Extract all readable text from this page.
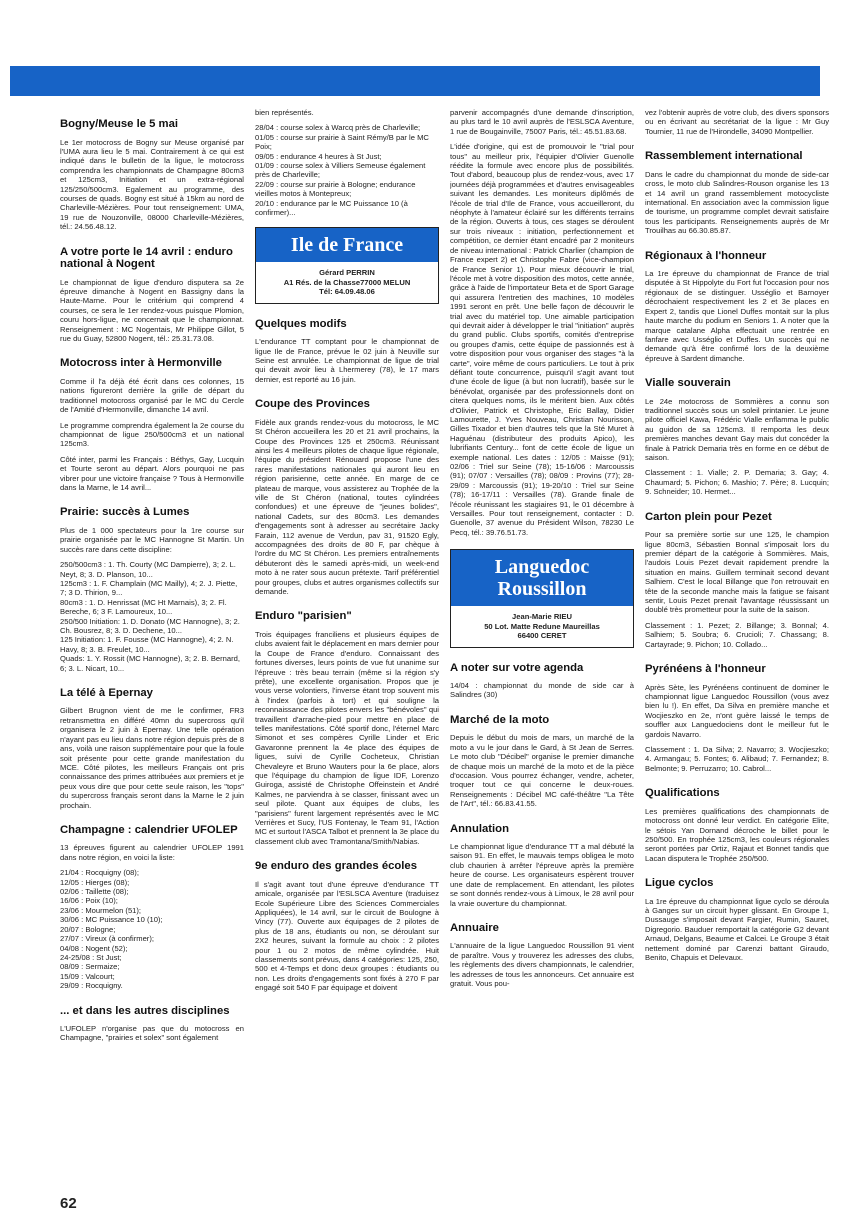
Bogny/Meuse le 5 mai

Le 1er motocross de Bogny sur Meuse organisé par l'UMA aura lieu le 5 mai. Contrairement à ce qui est indiqué dans le bulletin de la ligue, le motocross comprendra les championnats de Champagne 80cm3 et 125cm3, Initiation et un extra-régional 125/250/500cm3. Egalement au programme, des courses de quads. Bogny est situé à 15km au nord de Charleville-Mézières. Pour tout renseignement: UMA, 19 rue de Nouzonville, 08000 Charleville-Mézières, tél.: 24.56.48.12.

A votre porte le 14 avril : enduro national à Nogent

Le championnat de ligue d'enduro disputera sa 2e épreuve dimanche à Nogent en Bassigny dans la Haute-Marne. Pour le critérium qui comprend 4 courses, ce sera le 1er rendez-vous puisque Plomion, couru hors-ligue, ne concernait que le championnat. Renseignement : MC Nogentais, Mr Philippe Gillot, 5 rue du Guay, 52800 Nogent, tél.: 25.31.73.08.

Motocross inter à Hermonville

Comme il l'a déjà été écrit dans ces colonnes, 15 nations figureront derrière la grille de départ du traditionnel motocross organisé par le MC du Cercle de l'Amitié d'Hermonville, dimanche 14 avril.

Le programme comprendra également la 2e course du championnat de ligue 250/500cm3 et un national 125cm3.

Côté inter, parmi les Français : Béthys, Gay, Lucquin et Tourte seront au départ. Alors pourquoi ne pas vibrer pour une victoire française ? Tous à Hermonville dans la Marne, le 14 avril...

Prairie: succès à Lumes

Plus de 1 000 spectateurs pour la 1re course sur prairie organisée par le MC Hannogne St Martin. Un succès rare dans cette discipline:

250/500cm3 : 1. Th. Courty (MC Dampierre), 3; 2. L. Neyt, 8; 3. D. Planson, 10...
125cm3 : 1. F. Champlain (MC Mailly), 4; 2. J. Piette, 7; 3 D. Thirion, 9...
80cm3 : 1. D. Henrissat (MC Ht Marnais), 3; 2. Fl. Bereche, 6; 3 F. Lamoureux, 10...
250/500 Initiation: 1. D. Donato (MC Hannogne), 3; 2. Ch. Bousrez, 8; 3. D. Dechene, 10...
125 Initiation: 1. F. Fousse (MC Hannogne), 4; 2. N. Havy, 8; 3. B. Freulet, 10...
Quads: 1. Y. Rossit (MC Hannogne), 3; 2. B. Bernard, 6; 3. L. Nicart, 10...

La télé à Epernay

Gilbert Brugnon vient de me le confirmer, FR3 retransmettra en différé 40mn du supercross qu'il organisera le 2 juin à Epernay. Une telle opération n'ayant pas eu lieu dans notre région depuis près de 8 ans, voilà une raison supplémentaire pour que la foule soit présente pour cette grande manifestation du MCE. Côté pilotes, les meilleurs Français ont pris connaissance des primes attribuées aux premiers et je peux vous dire que pour cette seule raison, les "tops" du supercross français seront dans la Marne le 2 juin prochain.

Champagne : calendrier UFOLEP

13 épreuves figurent au calendrier UFOLEP 1991 dans notre région, en voici la liste:

21/04 : Rocquigny (08);
12/05 : Hierges (08);
02/06 : Taillette (08);
16/06 : Poix (10);
23/06 : Mourmelon (51);
30/06 : MC Puissance 10 (10);
20/07 : Bologne;
27/07 : Vireux (à confirmer);
04/08 : Nogent (52);
24-25/08 : St Just;
08/09 : Sermaize;
15/09 : Valcourt;
29/09 : Rocquigny.

... et dans les autres disciplines

L'UFOLEP n'organise pas que du motocross en Champagne, "prairies et solex" sont également

bien représentés.

28/04 : course solex à Warcq près de Charleville;
01/05 : course sur prairie à Saint Rémy/B par le MC Poix;
09/05 : endurance 4 heures à St Just;
01/09 : course solex à Villiers Semeuse également près de Charleville;
22/09 : course sur prairie à Bologne; endurance vieilles motos à Montepreux;
20/10 : endurance par le MC Puissance 10 (à confirmer)...

Ile de France
Gérard PERRIN
A1 Rés. de la Chasse77000 MELUN
Tél: 64.09.48.06
Quelques modifs

L'endurance TT comptant pour le championnat de ligue Ile de France, prévue le 02 juin à Neuville sur Seine est annulée. Le championnat de ligue de trial qui devait avoir lieu à Lhermerey (78), le 17 mars dernier, est reporté au 16 juin.

Coupe des Provinces

Fidèle aux grands rendez-vous du motocross, le MC St Chéron accueillera les 20 et 21 avril prochains, la Coupe des Provinces 125 et 250cm3. Réunissant ainsi les 4 meilleurs pilotes de chaque ligue régionale, l'équipe du président Rénouard propose l'une des rares manifestations nationales qui auront lieu en région parisienne, cette année. En marge de ce plateau de marque, vous assisterez au Trophée de la ville de St Chéron (national, toutes cylindrées confondues) et une épreuve de "jeunes bolides", national Cadets, sur des 80cm3. Les demandes d'engagements sont à adresser au secrétaire Jacky Farain, 112 avenue de Verdun, pav 31, 91520 Egly, accompagnées des droits de 80 F, par chèque à l'ordre du MC St Chéron. Les premiers entraînements débuteront dès le samedi après-midi, un week-end moto à ne rater sous aucun prétexte. Tarif préférentiel pour groupes, clubs et autres organismes collectifs sur demande.

Enduro "parisien"

Trois équipages franciliens et plusieurs équipes de clubs avaient fait le déplacement en mars dernier pour la Coupe de France d'enduro. Connaissant des fortunes diverses, leurs points de vue fut unanime sur l'épreuve : très beau terrain (même si la région s'y prête), une excellente organisation. Propos que je vous verse volontiers, l'inverse étant trop souvent mis à l'index (parfois à tort) et qui souligne la reconnaissance des pilotes envers les "bénévoles" qui travaillent d'arrache-pied pour mettre en place de telles manifestations. Côté sportif donc, l'éternel Marc Simonot et ses compères Cyrille Linder et Eric Gavaronne prennent la 4e place des équipes de ligues, suivi de Cyrille Cocheteux, Christian Chevaleyre et Bruno Wauters pour la 6e place, alors que l'équipage du champion de ligue IDF, Lorenzo Guiroga, assisté de Christophe Offeinstein et André Kalmes, ne parviendra à se classer, finissant avec un seul pilote. Quant aux équipes de clubs, les "parisiens" furent largement représentés avec le MC Verrières et Sucy, l'US Fontenay, le Team 91, l'Action MC et surtout l'ASCA Talbot et prennent la 3e place du classement club avec Tramontana/Smith/Nabias.

9e enduro des grandes écoles

Il s'agit avant tout d'une épreuve d'endurance TT amicale, organisée par l'ESLSCA Aventure (traduisez Ecole Supérieure Libre des Sciences Commerciales Appliquées), le 14 avril, sur le circuit de Boulogne à Vincy (77). Ouverte aux équipages de 2 pilotes de plus de 18 ans, étudiants ou non, se déroulant sur 2X2 heures, suivant la formule au choix : 2 pilotes pour 1 ou 2 motos de même cylindrée. Huit classements sont prévus, dans 4 catégories: 125, 250, 500 et 4-Temps et donc deux groupes : étudiants ou non. Les droits d'engagements sont fixés à 270 F par engagé soit 540 F par équipage et doivent

parvenir accompagnés d'une demande d'inscription, au plus tard le 10 avril auprès de l'ESLSCA Aventure, 1 rue de Bougainville, 75007 Paris, tél.: 45.51.83.68.

L'idée d'origine, qui est de promouvoir le "trial pour tous" au meilleur prix, l'équipier d'Olivier Guenolle réédite la formule avec encore plus de possibilités. Tout d'abord, beaucoup plus de rendez-vous, avec 17 journées déjà programmées et d'autres envisageables suivant les demandes. Les moniteurs diplômés de l'école de trial d'Ile de France, vous accueilleront, du néophyte à l'amateur éclairé sur les différents terrains de la région. Ouverts à tous, ces stages se déroulent sur trois niveaux : initiation, perfectionnement et compétition, ce dernier étant encadré par 2 moniteurs de niveau international : Patrick Charlier (champion de France expert 2) et Christophe Fabre (vice-champion de France Senior 1). Pour mieux découvrir le trial, l'école met à votre disposition des motos, cette année, grâce à l'aide de l'importateur Beta et de Sport Garage qui assurera l'entretien des machines, 10 modèles 1991 seront en prêt. Une belle façon de découvrir le trial avec du matériel top. Une aimable participation qui devrait aider à développer le trial "initiation" auprès du grand public. Clubs sportifs, comités d'entreprise ou groupes d'amis, cette équipe de passionnés est à votre disposition pour vous organiser des stages "à la carte", voire même de cours particuliers. Le tout à prix défiant toute concurrence, puisqu'il s'agit avant tout d'une école de ligue (à but non lucratif), basée sur le bénévolat, organisée par des professionnels dont on citera quelques noms, ils le méritent bien. Aux côtés d'Olivier, Patrick et Christophe, Eric Ballay, Didier Lamourette, J. Yves Nouveau, Christian Nourisson, Gilles Tixador et bien d'autres tels que la Sté Muret à Haguénau (distributeur des produits Apico), les lubrifiants Century... font de cette école de ligue un exemple national. Les dates : 12/05 : Maisse (91); 02/06 : Triel sur Seine (78); 15-16/06 : Marcoussis (91); 07/07 : Versailles (78); 08/09 : Provins (77); 28-29/09 : Marcoussis (91); 19-20/10 : Triel sur Seine (78); 16-17/11 : Versailles (78). Grande finale de l'école réunissant les stagiaires 91, le 01 décembre à Versailles. Pour tout renseignement, contacter : D. Guenolle, 37 avenue du Président Wilson, 78230 Le Pecq, tél.: 39.76.51.73.

Languedoc Roussillon
Jean-Marie RIEU
50 Lot. Matte Redune Maureillas
66400 CERET
A noter sur votre agenda

14/04 : championnat du monde de side car à Salindres (30)

Marché de la moto

Depuis le début du mois de mars, un marché de la moto a vu le jour dans le Gard, à St Jean de Serres. Le moto club "Décibel" organise le premier dimanche de chaque mois un marché de la moto et de la pièce d'occasion. Vous pourrez échanger, vendre, acheter, troquer tout ce qui concerne le deux-roues. Renseignements : Décibel MC café-théâtre "La Tête de l'Art", tél.: 66.83.41.55.

Annulation

Le championnat ligue d'endurance TT a mal débuté la saison 91. En effet, le mauvais temps obligea le moto club chaurien à arrêter l'épreuve après la première heure de course. Les organisateurs espèrent trouver une date de remplacement. En attendant, les pilotes se sont donnés rendez-vous à Limoux, le 28 avril pour la vraie ouverture du championnat.

Annuaire

L'annuaire de la ligue Languedoc Roussillon 91 vient de paraître. Vous y trouverez les adresses des clubs, les règlements des divers championnats, le calendrier, les adresses de tous les annonceurs. Cet annuaire est gratuit. Vous pou-

vez l'obtenir auprès de votre club, des divers sponsors ou en écrivant au secrétariat de la ligue : Mr Guy Tournier, 11 rue de l'Hirondelle, 34090 Montpellier.

Rassemblement international

Dans le cadre du championnat du monde de side-car cross, le moto club Salindres-Rouson organise les 13 et 14 avril un grand rassemblement motocycliste international. En association avec la commission ligue de tourisme, un programme complet devrait satisfaire tous les participants. Renseignements auprès de Mr Trouilhas au 66.30.85.87.

Régionaux à l'honneur

La 1re épreuve du championnat de France de trial disputée à St Hippolyte du Fort fut l'occasion pour nos régionaux de se distinguer. Usséglio et Barnoyer décrochaient respectivement les 2 et 3e places en Expert 2, tandis que Lionel Duffes montait sur la plus haute marche du podium en Seniors 1. A noter que la marque catalane Alpha effectuait une rentrée en fanfare avec Usséglio et Duffes. Un succès qui ne demande qu'à être confirmé lors de la deuxième épreuve à Sardent dimanche.

Vialle souverain

Le 24e motocross de Sommières a connu son traditionnel succès sous un soleil printanier. Le jeune pilote officiel Kawa, Frédéric Vialle enflamma le public au guidon de sa 125cm3. Il remporta les deux premières manches devant Gay mais dut concéder la finale à Patrick Demaria très en forme en ce début de saison.

Classement : 1. Vialle; 2. P. Demaria; 3. Gay; 4. Chaumard; 5. Pichon; 6. Mashio; 7. Père; 8. Lucquin; 9. Schneider; 10. Hermet...

Carton plein pour Pezet

Pour sa première sortie sur une 125, le champion ligue 80cm3, Sébastien Bonnal s'imposait lors du premier départ de la catégorie à Sommières. Mais, l'audois Louis Pezet devait rapidement prendre la situation en mains. Guillem terminait second devant Salhiem. C'est le local Billange que l'on retrouvait en tête de la seconde manche mais la fatigue se faisant sentir, Louis Pezet prenait l'avantage réussissant un doublé très prometteur pour la suite de la saison.

Classement : 1. Pezet; 2. Billange; 3. Bonnal; 4. Salhiem; 5. Soubra; 6. Crucioli; 7. Chassang; 8. Cartayrade; 9. Pichon; 10. Collado...

Pyrénéens à l'honneur

Après Sète, les Pyrénéens continuent de dominer le championnat ligue Languedoc Roussillon (vous avez bien lu !). En effet, Da Silva en première manche et Wocjieszko en 2e, n'ont guère laissé le temps de souffler aux Languedociens dont le meilleur fut le gardois Navarro.

Classement : 1. Da Silva; 2. Navarro; 3. Wocjieszko; 4. Armangau; 5. Fontes; 6. Alibaud; 7. Fernandez; 8. Belmonte; 9. Perruzarro; 10. Cabrol...

Qualifications

Les premières qualifications des championnats de motocross ont donné leur verdict. En catégorie Elite, le sétois Yan Dornand décroche le billet pour le 250/500. En trophée 125cm3, les couleurs régionales seront portées par Ortiz, Rajaut et Bonnet tandis que Lacan disputera le Trophée 250/500.

Ligue cyclos

La 1re épreuve du championnat ligue cyclo se déroula à Ganges sur un circuit hyper glissant. En Groupe 1, Dussauge s'imposait devant Fargier, Rumin, Sauret, Digregorio. Bauduer remportait la catégorie G2 devant Arnaud, Delgans, Beaume et Calcei. Le Groupe 3 était nettement dominé par Carenzi battant Giraudo, Benito, Chapuis et Delevaux.

62
